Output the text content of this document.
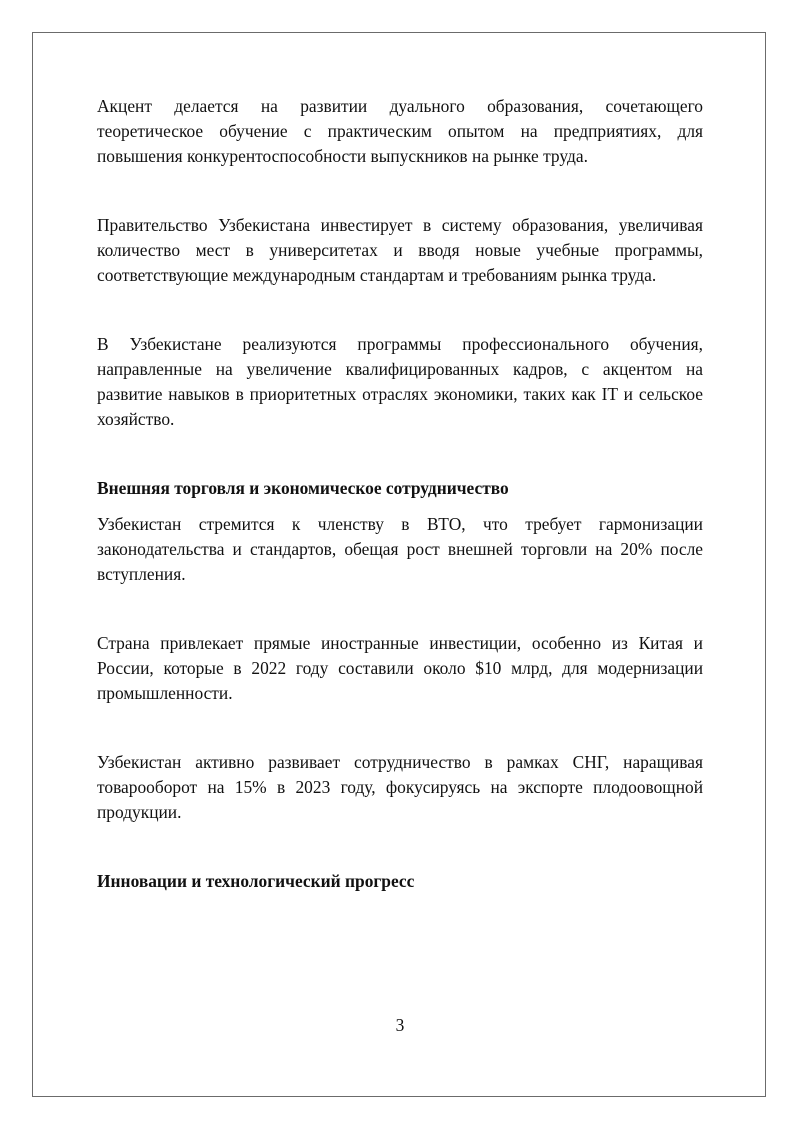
Акцент делается на развитии дуального образования, сочетающего теоретическое обучение с практическим опытом на предприятиях, для повышения конкурентоспособности выпускников на рынке труда.

Правительство Узбекистана инвестирует в систему образования, увеличивая количество мест в университетах и вводя новые учебные программы, соответствующие международным стандартам и требованиям рынка труда.

В Узбекистане реализуются программы профессионального обучения, направленные на увеличение квалифицированных кадров, с акцентом на развитие навыков в приоритетных отраслях экономики, таких как IT и сельское хозяйство.

Внешняя торговля и экономическое сотрудничество

Узбекистан стремится к членству в ВТО, что требует гармонизации законодательства и стандартов, обещая рост внешней торговли на 20% после вступления.

Страна привлекает прямые иностранные инвестиции, особенно из Китая и России, которые в 2022 году составили около $10 млрд, для модернизации промышленности.

Узбекистан активно развивает сотрудничество в рамках СНГ, наращивая товарооборот на 15% в 2023 году, фокусируясь на экспорте плодоовощной продукции.

Инновации и технологический прогресс

3
